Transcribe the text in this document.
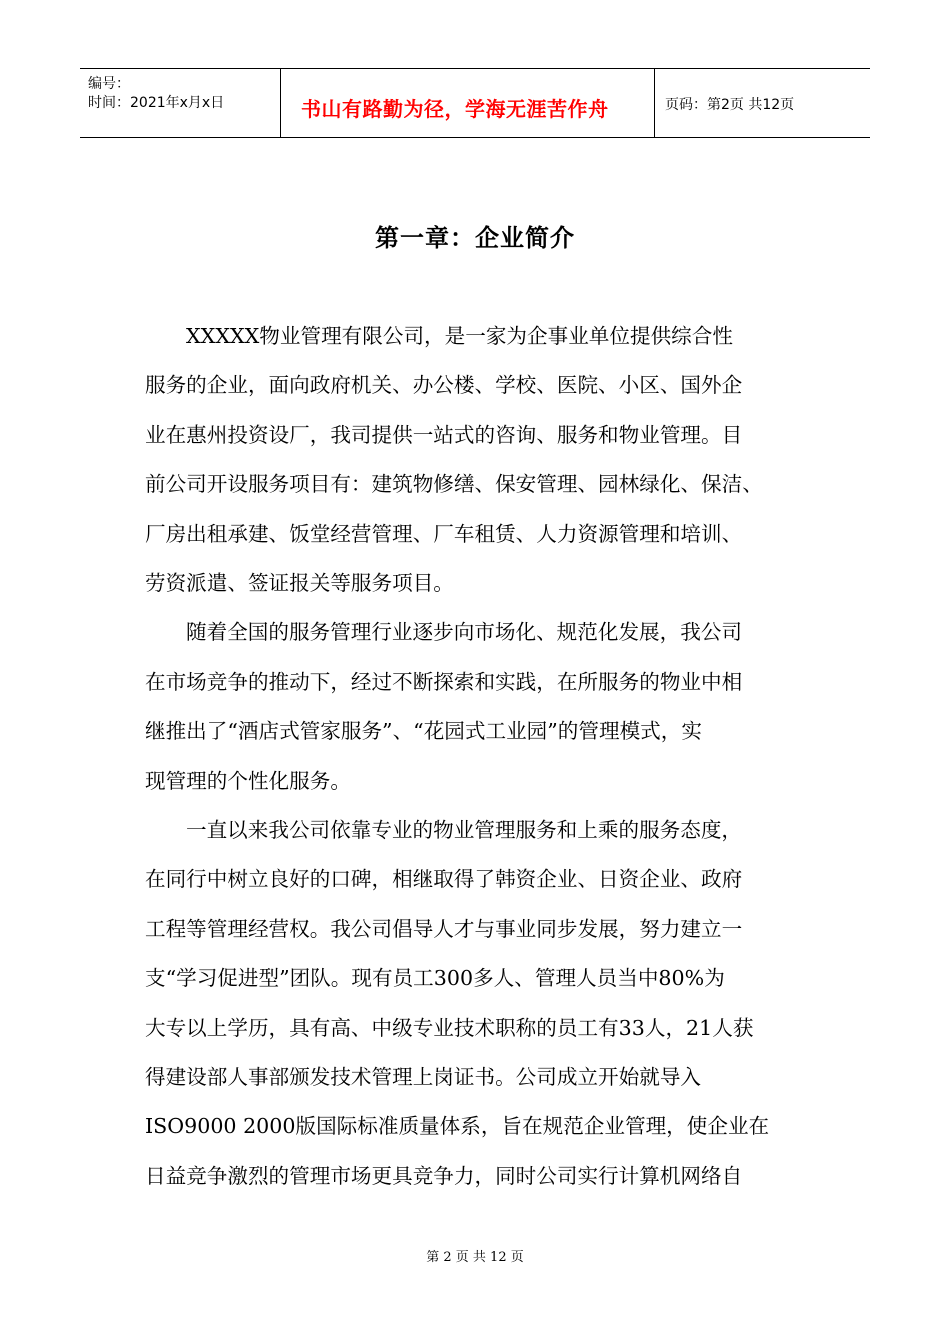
编号：
时间：2021年x月x日	书山有路勤为径，学海无涯苦作舟	页码：第2页 共12页
第一章：企业简介
XXXXX物业管理有限公司，是一家为企事业单位提供综合性
服务的企业，面向政府机关、办公楼、学校、医院、小区、国外企
业在惠州投资设厂，我司提供一站式的咨询、服务和物业管理。目
前公司开设服务项目有：建筑物修缮、保安管理、园林绿化、保洁、
厂房出租承建、饭堂经营管理、厂车租赁、人力资源管理和培训、
劳资派遣、签证报关等服务项目。
随着全国的服务管理行业逐步向市场化、规范化发展，我公司
在市场竞争的推动下，经过不断探索和实践，在所服务的物业中相
继推出了“酒店式管家服务”、“花园式工业园”的管理模式，实
现管理的个性化服务。
一直以来我公司依靠专业的物业管理服务和上乘的服务态度，
在同行中树立良好的口碑，相继取得了韩资企业、日资企业、政府
工程等管理经营权。我公司倡导人才与事业同步发展，努力建立一
支“学习促进型”团队。现有员工300多人、管理人员当中80%为
大专以上学历，具有高、中级专业技术职称的员工有33人，21人获
得建设部人事部颁发技术管理上岗证书。公司成立开始就导入
ISO9000 2000版国际标准质量体系，旨在规范企业管理，使企业在
日益竞争激烈的管理市场更具竞争力，同时公司实行计算机网络自
第 2 页 共 12 页
